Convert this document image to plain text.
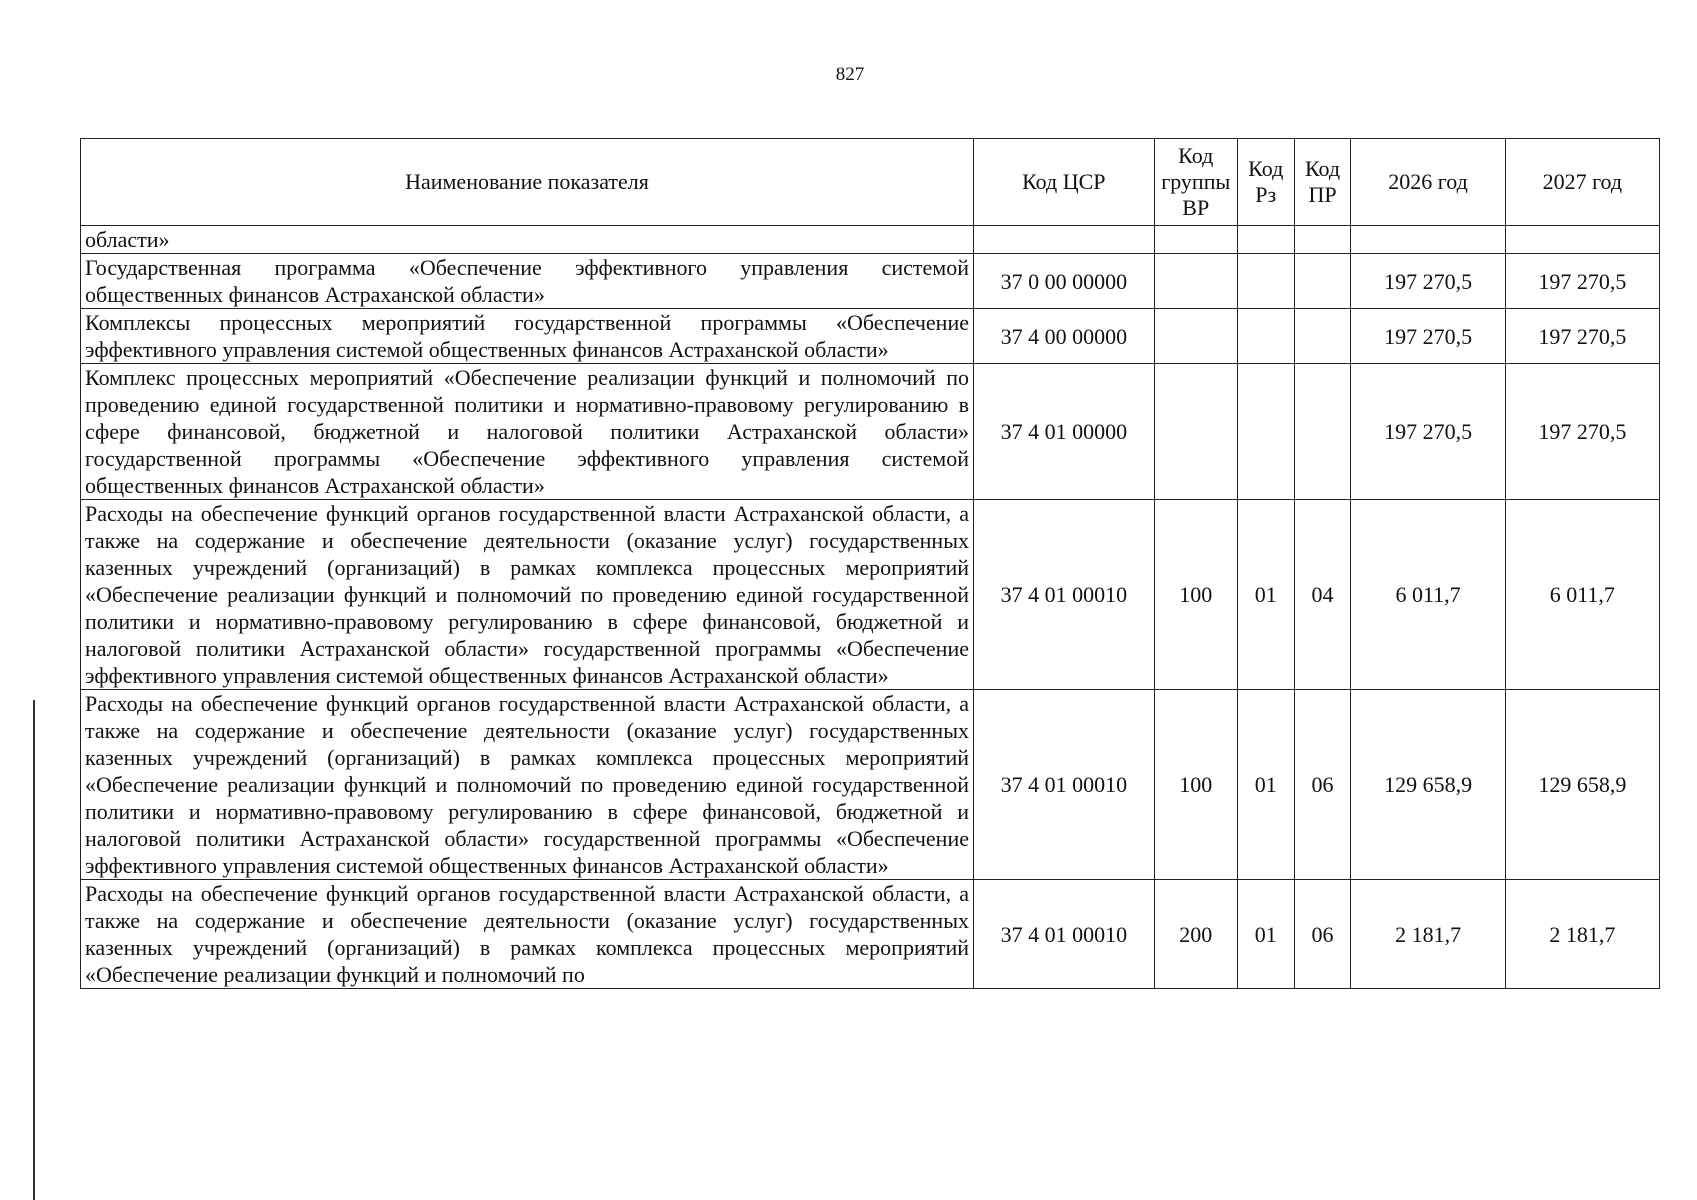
827
Наименование показателя	Код ЦСР	Код группы ВР	Код Рз	Код ПР	2026 год	2027 год
области»						
Государственная программа «Обеспечение эффективного управления системой общественных финансов Астраханской области»	37 0 00 00000				197 270,5	197 270,5
Комплексы процессных мероприятий государственной программы «Обеспечение эффективного управления системой общественных финансов Астраханской области»	37 4 00 00000				197 270,5	197 270,5
Комплекс процессных мероприятий «Обеспечение реализации функций и полномочий по проведению единой государственной политики и нормативно-правовому регулированию в сфере финансовой, бюджетной и налоговой политики Астраханской области» государственной программы «Обеспечение эффективного управления системой общественных финансов Астраханской области»	37 4 01 00000				197 270,5	197 270,5
Расходы на обеспечение функций органов государственной власти Астраханской области, а также на содержание и обеспечение деятельности (оказание услуг) государственных казенных учреждений (организаций) в рамках комплекса процессных мероприятий «Обеспечение реализации функций и полномочий по проведению единой государственной политики и нормативно-правовому регулированию в сфере финансовой, бюджетной и налоговой политики Астраханской области» государственной программы «Обеспечение эффективного управления системой общественных финансов Астраханской области»	37 4 01 00010	100	01	04	6 011,7	6 011,7
Расходы на обеспечение функций органов государственной власти Астраханской области, а также на содержание и обеспечение деятельности (оказание услуг) государственных казенных учреждений (организаций) в рамках комплекса процессных мероприятий «Обеспечение реализации функций и полномочий по проведению единой государственной политики и нормативно-правовому регулированию в сфере финансовой, бюджетной и налоговой политики Астраханской области» государственной программы «Обеспечение эффективного управления системой общественных финансов Астраханской области»	37 4 01 00010	100	01	06	129 658,9	129 658,9
Расходы на обеспечение функций органов государственной власти Астраханской области, а также на содержание и обеспечение деятельности (оказание услуг) государственных казенных учреждений (организаций) в рамках комплекса процессных мероприятий «Обеспечение реализации функций и полномочий по	37 4 01 00010	200	01	06	2 181,7	2 181,7
